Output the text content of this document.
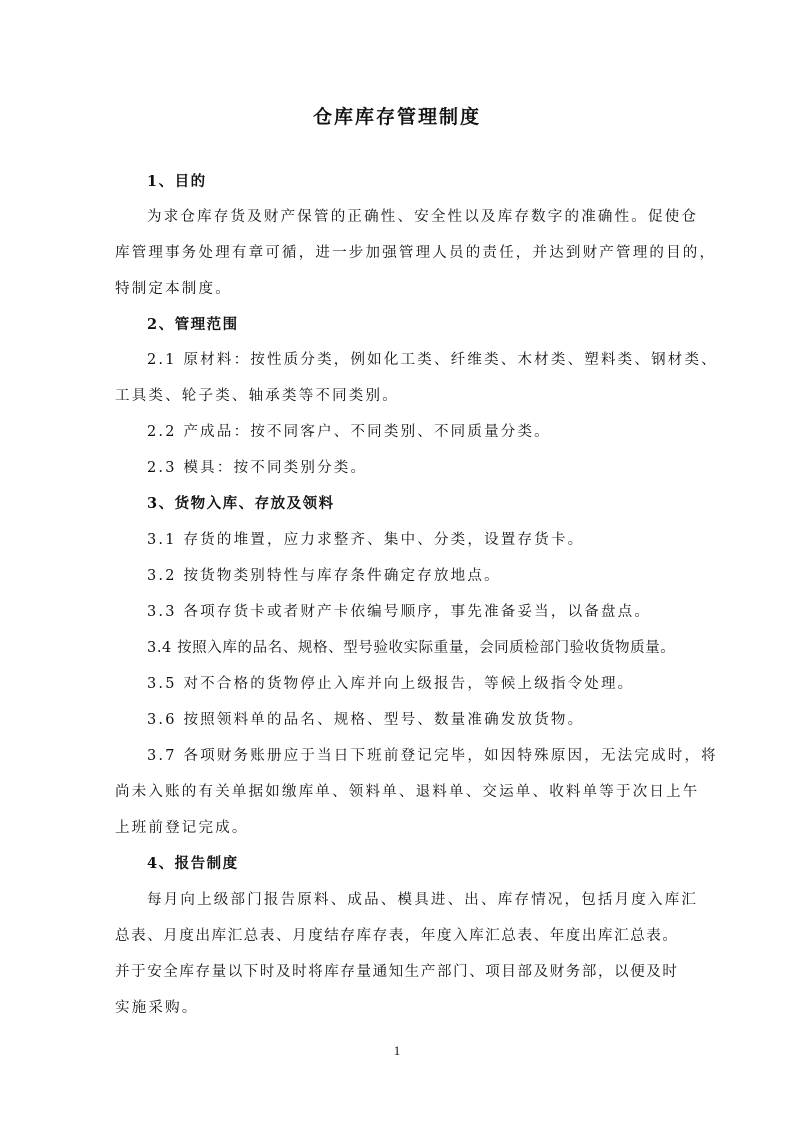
仓库库存管理制度
1、目的
为求仓库存货及财产保管的正确性、安全性以及库存数字的准确性。促使仓
库管理事务处理有章可循，进一步加强管理人员的责任，并达到财产管理的目的，
特制定本制度。
2、管理范围
2.1 原材料：按性质分类，例如化工类、纤维类、木材类、塑料类、钢材类、
工具类、轮子类、轴承类等不同类别。
2.2 产成品：按不同客户、不同类别、不同质量分类。
2.3 模具：按不同类别分类。
3、货物入库、存放及领料
3.1 存货的堆置，应力求整齐、集中、分类，设置存货卡。
3.2 按货物类别特性与库存条件确定存放地点。
3.3 各项存货卡或者财产卡依编号顺序，事先准备妥当，以备盘点。
3.4 按照入库的品名、规格、型号验收实际重量，会同质检部门验收货物质量。
3.5 对不合格的货物停止入库并向上级报告，等候上级指令处理。
3.6 按照领料单的品名、规格、型号、数量准确发放货物。
3.7 各项财务账册应于当日下班前登记完毕，如因特殊原因，无法完成时，将
尚未入账的有关单据如缴库单、领料单、退料单、交运单、收料单等于次日上午
上班前登记完成。
4、报告制度
每月向上级部门报告原料、成品、模具进、出、库存情况，包括月度入库汇
总表、月度出库汇总表、月度结存库存表，年度入库汇总表、年度出库汇总表。
并于安全库存量以下时及时将库存量通知生产部门、项目部及财务部，以便及时
实施采购。
1
